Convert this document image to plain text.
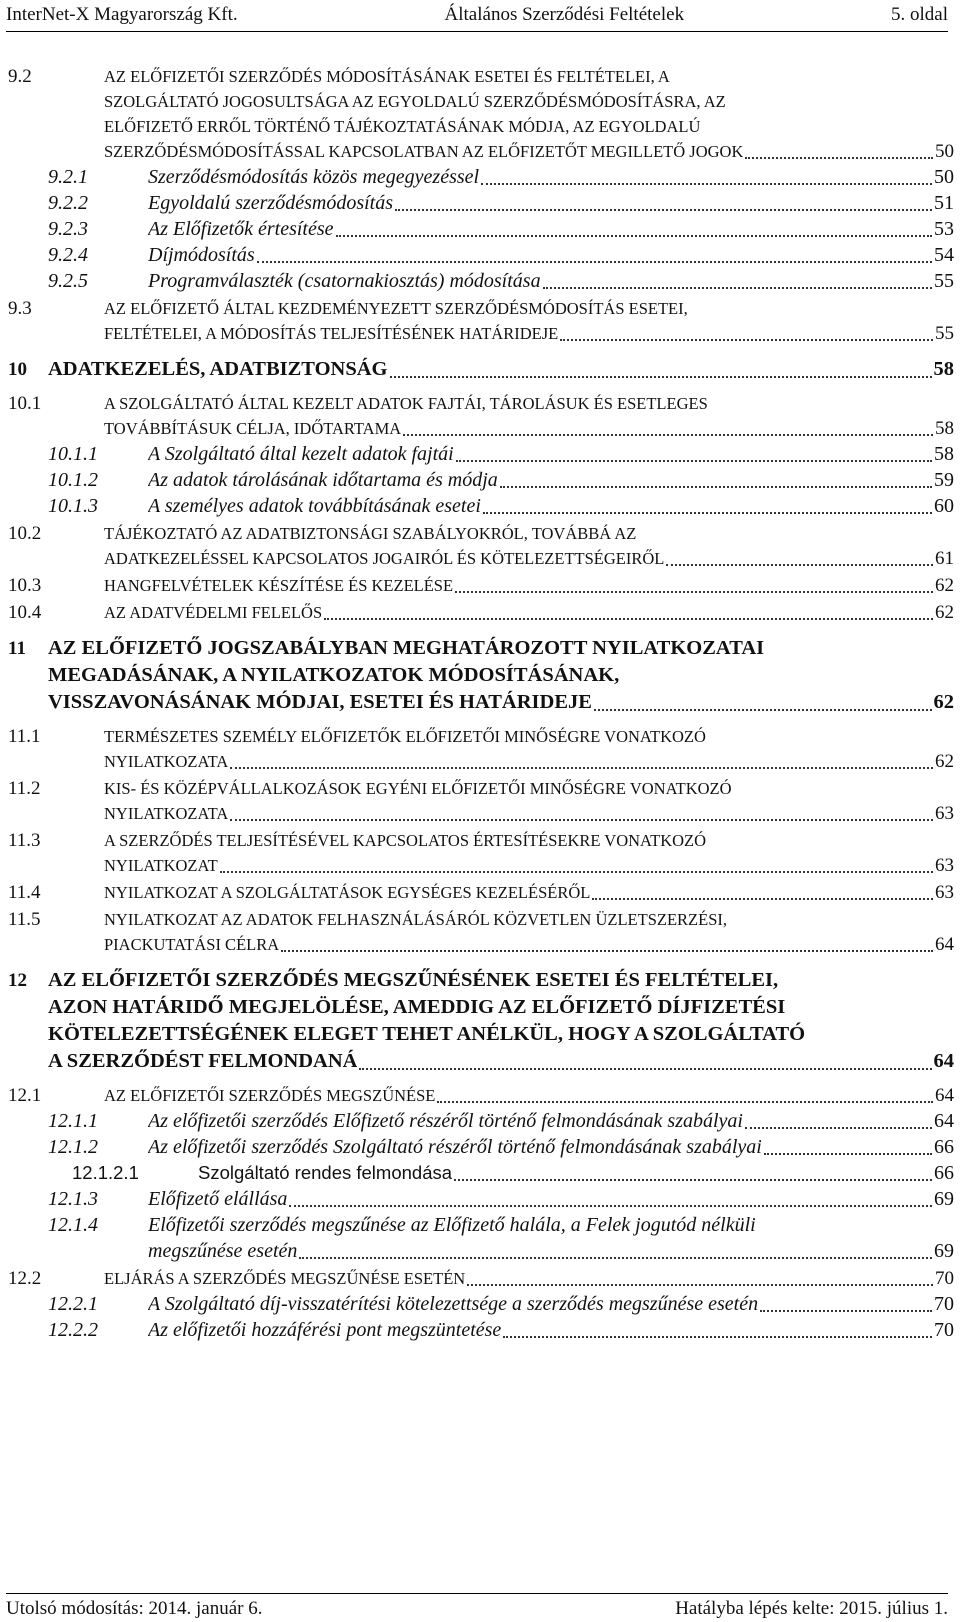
InterNet-X Magyarország Kft.	Általános Szerződési Feltételek	5. oldal
9.2	AZ ELŐFIZETŐI SZERZŐDÉS MÓDOSÍTÁSÁNAK ESETEI ÉS FELTÉTELEI, A
SZOLGÁLTATÓ JOGOSULTSÁGA AZ EGYOLDALÚ SZERZŐDÉSMÓDOSÍTÁSRA, AZ
ELŐFIZETŐ ERRŐL TÖRTÉNŐ TÁJÉKOZTATÁSÁNAK MÓDJA, AZ EGYOLDALÚ
SZERZŐDÉSMÓDOSÍTÁSSAL KAPCSOLATBAN AZ ELŐFIZETŐT MEGILLETŐ JOGOK	50
9.2.1	Szerződésmódosítás közös megegyezéssel	50
9.2.2	Egyoldalú szerződésmódosítás	51
9.2.3	Az Előfizetők értesítése	53
9.2.4	Díjmódosítás	54
9.2.5	Programválaszték (csatornakiosztás) módosítása	55
9.3	AZ ELŐFIZETŐ ÁLTAL KEZDEMÉNYEZETT SZERZŐDÉSMÓDOSÍTÁS ESETEI,
FELTÉTELEI, A MÓDOSÍTÁS TELJESÍTÉSÉNEK HATÁRIDEJE	55
10 ADATKEZELÉS, ADATBIZTONSÁG	58
10.1	A SZOLGÁLTATÓ ÁLTAL KEZELT ADATOK FAJTÁI, TÁROLÁSUK ÉS ESETLEGES
TOVÁBBÍTÁSUK CÉLJA, IDŐTARTAMA	58
10.1.1	A Szolgáltató által kezelt adatok fajtái	58
10.1.2	Az adatok tárolásának időtartama és módja	59
10.1.3	A személyes adatok továbbításának esetei	60
10.2	TÁJÉKOZTATÓ AZ ADATBIZTONSÁGI SZABÁLYOKRÓL, TOVÁBBÁ AZ
ADATKEZELÉSSEL KAPCSOLATOS JOGAIRÓL ÉS KÖTELEZETTSÉGEIRŐL	61
10.3	HANGFELVÉTELEK KÉSZÍTÉSE ÉS KEZELÉSE	62
10.4	AZ ADATVÉDELMI FELELŐS	62
11 AZ ELŐFIZETŐ JOGSZABÁLYBAN MEGHATÁROZOTT NYILATKOZATAI
MEGADÁSÁNAK, A NYILATKOZATOK MÓDOSÍTÁSÁNAK,
VISSZAVONÁSÁNAK MÓDJAI, ESETEI ÉS HATÁRIDEJE	62
11.1	TERMÉSZETES SZEMÉLY ELŐFIZETŐK ELŐFIZETŐI MINŐSÉGRE VONATKOZÓ
NYILATKOZATA	62
11.2	KIS- ÉS KÖZÉPVÁLLALKOZÁSOK EGYÉNI ELŐFIZETŐI MINŐSÉGRE VONATKOZÓ
NYILATKOZATA	63
11.3	A SZERZŐDÉS TELJESÍTÉSÉVEL KAPCSOLATOS ÉRTESÍTÉSEKRE VONATKOZÓ
NYILATKOZAT	63
11.4	NYILATKOZAT A SZOLGÁLTATÁSOK EGYSÉGES KEZELÉSÉRŐL	63
11.5	NYILATKOZAT AZ ADATOK FELHASZNÁLÁSÁRÓL KÖZVETLEN ÜZLETSZERZÉSI,
PIACKUTATÁSI CÉLRA	64
12 AZ ELŐFIZETŐI SZERZŐDÉS MEGSZŰNÉSÉNEK ESETEI ÉS FELTÉTELEI,
AZON HATÁRIDŐ MEGJELÖLÉSE, AMEDDIG AZ ELŐFIZETŐ DÍJFIZETÉSI
KÖTELEZETTSÉGÉNEK ELEGET TEHET ANÉLKÜL, HOGY A SZOLGÁLTATÓ
A SZERZŐDÉST FELMONDANÁ	64
12.1	AZ ELŐFIZETŐI SZERZŐDÉS MEGSZŰNÉSE	64
12.1.1	Az előfizetői szerződés Előfizető részéről történő felmondásának szabályai	64
12.1.2	Az előfizetői szerződés Szolgáltató részéről történő felmondásának szabályai	66
12.1.2.1	Szolgáltató rendes felmondása	66
12.1.3	Előfizető elállása	69
12.1.4	Előfizetői szerződés megszűnése az Előfizető halála, a Felek jogutód nélküli
megszűnése esetén	69
12.2	ELJÁRÁS A SZERZŐDÉS MEGSZŰNÉSE ESETÉN	70
12.2.1	A Szolgáltató díj-visszatérítési kötelezettsége a szerződés megszűnése esetén	70
12.2.2	Az előfizetői hozzáférési pont megszüntetése	70
Utolsó módosítás: 2014. január 6.	Hatályba lépés kelte: 2015. július 1.
